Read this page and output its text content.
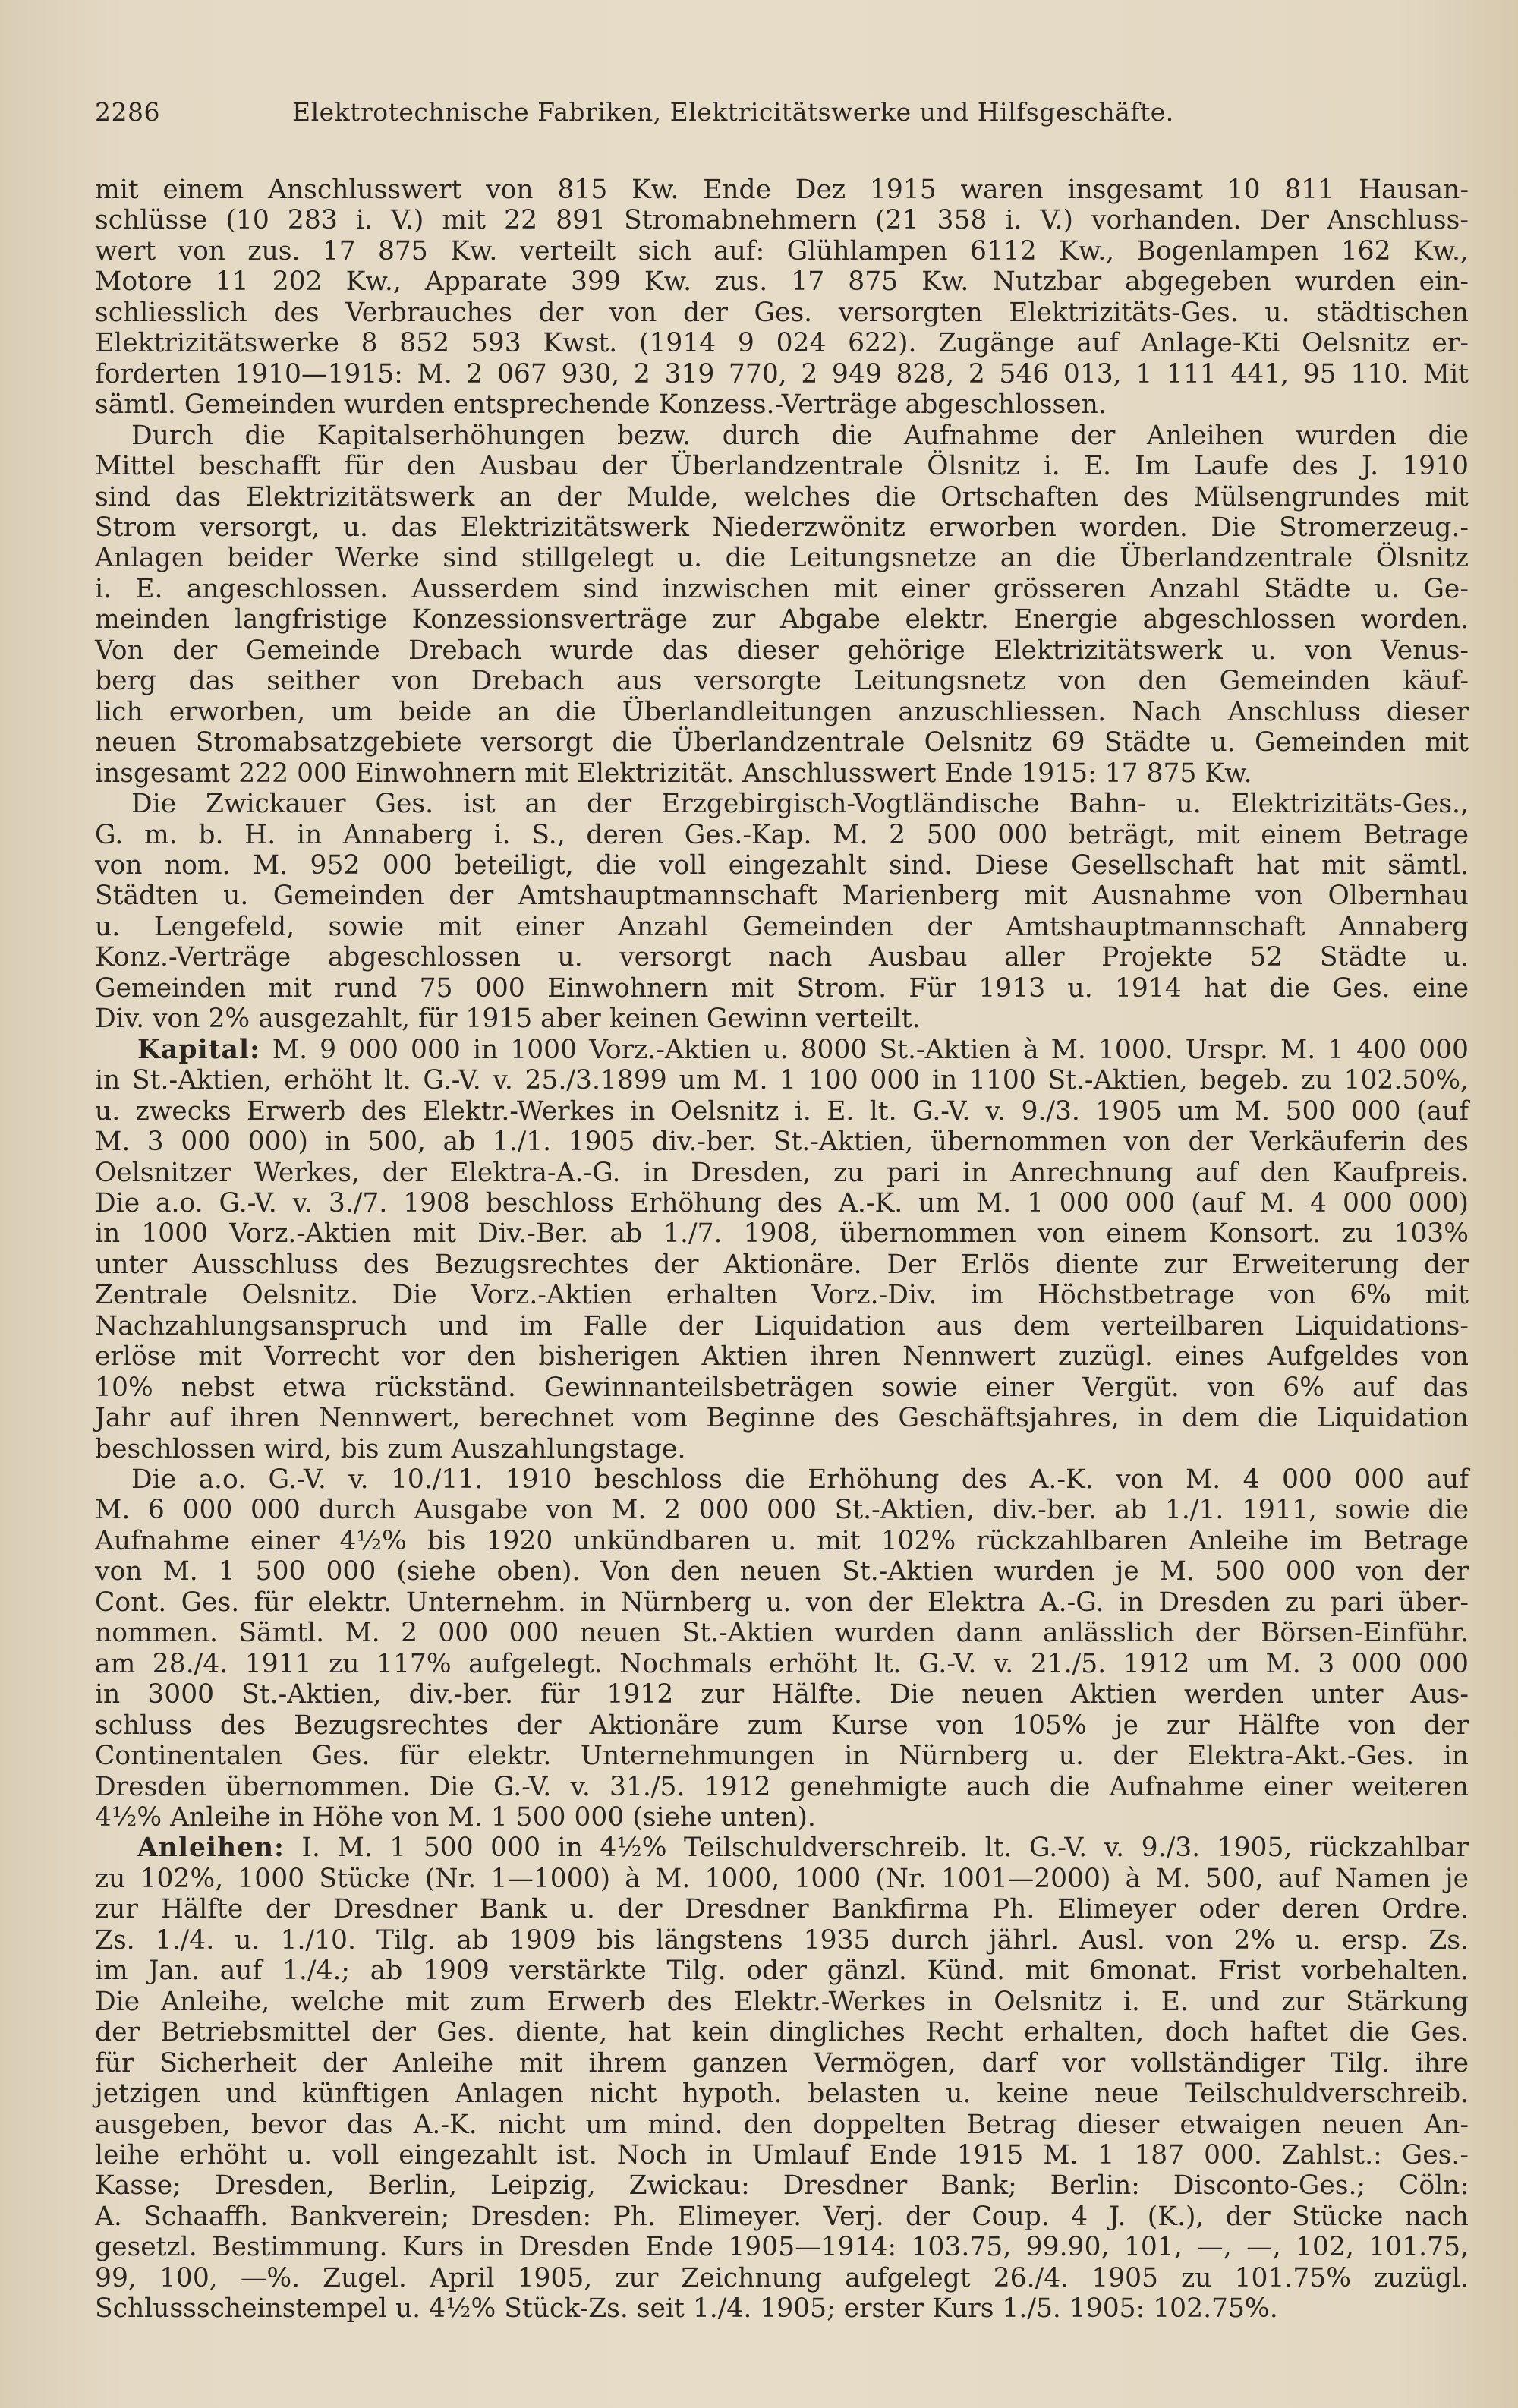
2286	Elektrotechnische Fabriken, Elektricitätswerke und Hilfsgeschäfte.
mit einem Anschlusswert von 815 Kw. Ende Dez 1915 waren insgesamt 10 811 Hausan-
schlüsse (10 283 i. V.) mit 22 891 Stromabnehmern (21 358 i. V.) vorhanden. Der Anschluss-
wert von zus. 17 875 Kw. verteilt sich auf: Glühlampen 6112 Kw., Bogenlampen 162 Kw.,
Motore 11 202 Kw., Apparate 399 Kw. zus. 17 875 Kw. Nutzbar abgegeben wurden ein-
schliesslich des Verbrauches der von der Ges. versorgten Elektrizitäts-Ges. u. städtischen
Elektrizitätswerke 8 852 593 Kwst. (1914 9 024 622). Zugänge auf Anlage-Kti Oelsnitz er-
forderten 1910—1915: M. 2 067 930, 2 319 770, 2 949 828, 2 546 013, 1 111 441, 95 110. Mit
sämtl. Gemeinden wurden entsprechende Konzess.-Verträge abgeschlossen.
Durch die Kapitalserhöhungen bezw. durch die Aufnahme der Anleihen wurden die
Mittel beschafft für den Ausbau der Überlandzentrale Ölsnitz i. E. Im Laufe des J. 1910
sind das Elektrizitätswerk an der Mulde, welches die Ortschaften des Mülsengrundes mit
Strom versorgt, u. das Elektrizitätswerk Niederzwönitz erworben worden. Die Stromerzeug.-
Anlagen beider Werke sind stillgelegt u. die Leitungsnetze an die Überlandzentrale Ölsnitz
i. E. angeschlossen. Ausserdem sind inzwischen mit einer grösseren Anzahl Städte u. Ge-
meinden langfristige Konzessionsverträge zur Abgabe elektr. Energie abgeschlossen worden.
Von der Gemeinde Drebach wurde das dieser gehörige Elektrizitätswerk u. von Venus-
berg das seither von Drebach aus versorgte Leitungsnetz von den Gemeinden käuf-
lich erworben, um beide an die Überlandleitungen anzuschliessen. Nach Anschluss dieser
neuen Stromabsatzgebiete versorgt die Überlandzentrale Oelsnitz 69 Städte u. Gemeinden mit
insgesamt 222 000 Einwohnern mit Elektrizität. Anschlusswert Ende 1915: 17 875 Kw.
Die Zwickauer Ges. ist an der Erzgebirgisch-Vogtländische Bahn- u. Elektrizitäts-Ges.,
G. m. b. H. in Annaberg i. S., deren Ges.-Kap. M. 2 500 000 beträgt, mit einem Betrage
von nom. M. 952 000 beteiligt, die voll eingezahlt sind. Diese Gesellschaft hat mit sämtl.
Städten u. Gemeinden der Amtshauptmannschaft Marienberg mit Ausnahme von Olbernhau
u. Lengefeld, sowie mit einer Anzahl Gemeinden der Amtshauptmannschaft Annaberg
Konz.-Verträge abgeschlossen u. versorgt nach Ausbau aller Projekte 52 Städte u.
Gemeinden mit rund 75 000 Einwohnern mit Strom. Für 1913 u. 1914 hat die Ges. eine
Div. von 2% ausgezahlt, für 1915 aber keinen Gewinn verteilt.
Kapital: M. 9 000 000 in 1000 Vorz.-Aktien u. 8000 St.-Aktien à M. 1000. Urspr. M. 1 400 000
in St.-Aktien, erhöht lt. G.-V. v. 25./3.1899 um M. 1 100 000 in 1100 St.-Aktien, begeb. zu 102.50%,
u. zwecks Erwerb des Elektr.-Werkes in Oelsnitz i. E. lt. G.-V. v. 9./3. 1905 um M. 500 000 (auf
M. 3 000 000) in 500, ab 1./1. 1905 div.-ber. St.-Aktien, übernommen von der Verkäuferin des
Oelsnitzer Werkes, der Elektra-A.-G. in Dresden, zu pari in Anrechnung auf den Kaufpreis.
Die a.o. G.-V. v. 3./7. 1908 beschloss Erhöhung des A.-K. um M. 1 000 000 (auf M. 4 000 000)
in 1000 Vorz.-Aktien mit Div.-Ber. ab 1./7. 1908, übernommen von einem Konsort. zu 103%
unter Ausschluss des Bezugsrechtes der Aktionäre. Der Erlös diente zur Erweiterung der
Zentrale Oelsnitz. Die Vorz.-Aktien erhalten Vorz.-Div. im Höchstbetrage von 6% mit
Nachzahlungsanspruch und im Falle der Liquidation aus dem verteilbaren Liquidations-
erlöse mit Vorrecht vor den bisherigen Aktien ihren Nennwert zuzügl. eines Aufgeldes von
10% nebst etwa rückständ. Gewinnanteilsbeträgen sowie einer Vergüt. von 6% auf das
Jahr auf ihren Nennwert, berechnet vom Beginne des Geschäftsjahres, in dem die Liquidation
beschlossen wird, bis zum Auszahlungstage.
Die a.o. G.-V. v. 10./11. 1910 beschloss die Erhöhung des A.-K. von M. 4 000 000 auf
M. 6 000 000 durch Ausgabe von M. 2 000 000 St.-Aktien, div.-ber. ab 1./1. 1911, sowie die
Aufnahme einer 4½% bis 1920 unkündbaren u. mit 102% rückzahlbaren Anleihe im Betrage
von M. 1 500 000 (siehe oben). Von den neuen St.-Aktien wurden je M. 500 000 von der
Cont. Ges. für elektr. Unternehm. in Nürnberg u. von der Elektra A.-G. in Dresden zu pari über-
nommen. Sämtl. M. 2 000 000 neuen St.-Aktien wurden dann anlässlich der Börsen-Einführ.
am 28./4. 1911 zu 117% aufgelegt. Nochmals erhöht lt. G.-V. v. 21./5. 1912 um M. 3 000 000
in 3000 St.-Aktien, div.-ber. für 1912 zur Hälfte. Die neuen Aktien werden unter Aus-
schluss des Bezugsrechtes der Aktionäre zum Kurse von 105% je zur Hälfte von der
Continentalen Ges. für elektr. Unternehmungen in Nürnberg u. der Elektra-Akt.-Ges. in
Dresden übernommen. Die G.-V. v. 31./5. 1912 genehmigte auch die Aufnahme einer weiteren
4½% Anleihe in Höhe von M. 1 500 000 (siehe unten).
Anleihen: I. M. 1 500 000 in 4½% Teilschuldverschreib. lt. G.-V. v. 9./3. 1905, rückzahlbar
zu 102%, 1000 Stücke (Nr. 1—1000) à M. 1000, 1000 (Nr. 1001—2000) à M. 500, auf Namen je
zur Hälfte der Dresdner Bank u. der Dresdner Bankfirma Ph. Elimeyer oder deren Ordre.
Zs. 1./4. u. 1./10. Tilg. ab 1909 bis längstens 1935 durch jährl. Ausl. von 2% u. ersp. Zs.
im Jan. auf 1./4.; ab 1909 verstärkte Tilg. oder gänzl. Künd. mit 6monat. Frist vorbehalten.
Die Anleihe, welche mit zum Erwerb des Elektr.-Werkes in Oelsnitz i. E. und zur Stärkung
der Betriebsmittel der Ges. diente, hat kein dingliches Recht erhalten, doch haftet die Ges.
für Sicherheit der Anleihe mit ihrem ganzen Vermögen, darf vor vollständiger Tilg. ihre
jetzigen und künftigen Anlagen nicht hypoth. belasten u. keine neue Teilschuldverschreib.
ausgeben, bevor das A.-K. nicht um mind. den doppelten Betrag dieser etwaigen neuen An-
leihe erhöht u. voll eingezahlt ist. Noch in Umlauf Ende 1915 M. 1 187 000. Zahlst.: Ges.-
Kasse; Dresden, Berlin, Leipzig, Zwickau: Dresdner Bank; Berlin: Disconto-Ges.; Cöln:
A. Schaaffh. Bankverein; Dresden: Ph. Elimeyer. Verj. der Coup. 4 J. (K.), der Stücke nach
gesetzl. Bestimmung. Kurs in Dresden Ende 1905—1914: 103.75, 99.90, 101, —, —, 102, 101.75,
99, 100, —%. Zugel. April 1905, zur Zeichnung aufgelegt 26./4. 1905 zu 101.75% zuzügl.
Schlussscheinstempel u. 4½% Stück-Zs. seit 1./4. 1905; erster Kurs 1./5. 1905: 102.75%.
